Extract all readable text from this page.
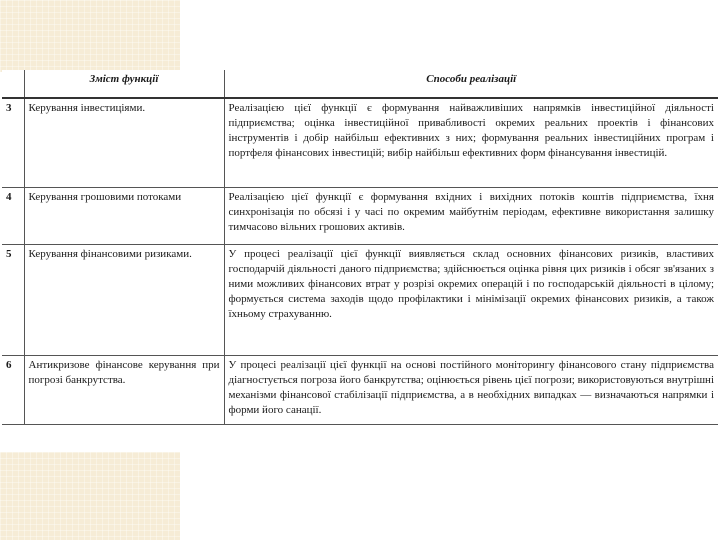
	Зміст функції	Способи реалізації
3	Керування інвестиціями.	Реалізацією цієї функції є формування найважливіших напрямків інвестиційної діяльності підприємства; оцінка інвестиційної привабливості окремих реальних проектів і фінансових інструментів і добір найбільш ефективних з них; формування реальних інвестиційних програм і портфеля фінансових інвестицій; вибір найбільш ефективних форм фінансування інвестицій.
4	Керування грошовими потоками	Реалізацією цієї функції є формування вхідних і вихідних потоків коштів підприємства, їхня синхронізація по обсязі і у часі по окремим майбутнім періодам, ефективне використання залишку тимчасово вільних грошових активів.
5	Керування фінансовими ризиками.	У процесі реалізації цієї функції виявляється склад основних фінансових ризиків, властивих господарчій діяльності даного підприємства; здійснюється оцінка рівня цих ризиків і обсяг зв'язаних з ними можливих фінансових втрат у розрізі окремих операцій і по господарській діяльності в цілому; формується система заходів щодо профілактики і мінімізації окремих фінансових ризиків, а також їхньому страхуванню.
6	Антикризове фінансове керування при погрозі банкрутства.	У процесі реалізації цієї функції на основі постійного моніторингу фінансового стану підприємства діагностується погроза його банкрутства; оцінюється рівень цієї погрози; використовуються внутрішні механізми фінансової стабілізації підприємства, а в необхідних випадках — визначаються напрямки і форми його санації.
